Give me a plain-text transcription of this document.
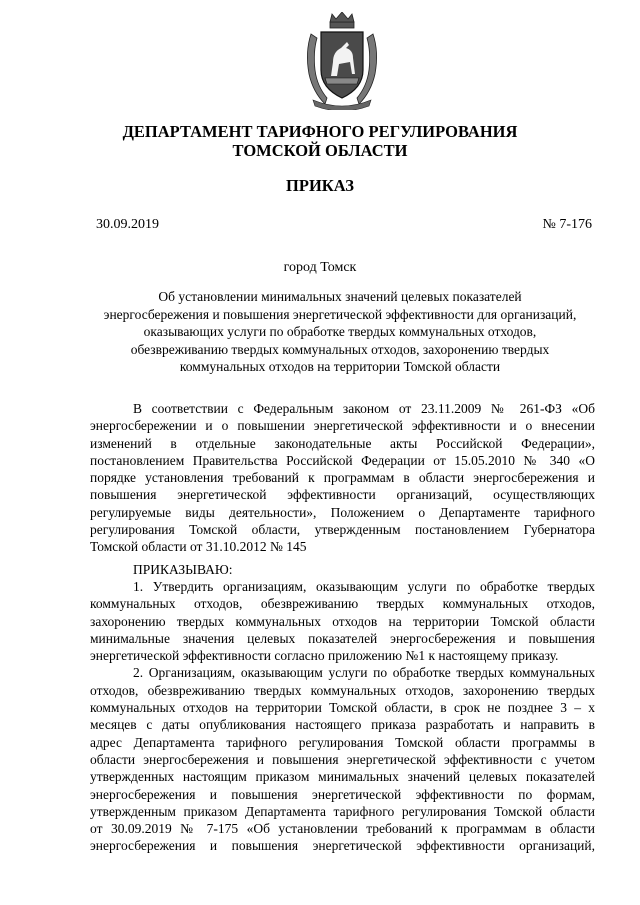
ДЕПАРТАМЕНТ ТАРИФНОГО РЕГУЛИРОВАНИЯ
ТОМСКОЙ ОБЛАСТИ
ПРИКАЗ
30.09.2019	№ 7-176
город Томск
Об установлении минимальных значений целевых показателей
энергосбережения и повышения энергетической эффективности для организаций,
оказывающих услуги по обработке твердых коммунальных отходов,
обезвреживанию твердых коммунальных отходов, захоронению твердых
коммунальных отходов на территории Томской области
В соответствии с Федеральным законом от 23.11.2009 № 261-ФЗ «Об
энергосбережении и о повышении энергетической эффективности и о внесении
изменений в отдельные законодательные акты Российской Федерации»,
постановлением Правительства Российской Федерации от 15.05.2010 № 340 «О
порядке установления требований к программам в области энергосбережения и
повышения энергетической эффективности организаций, осуществляющих
регулируемые виды деятельности», Положением о Департаменте тарифного
регулирования Томской области, утвержденным постановлением Губернатора
Томской области от 31.10.2012 № 145
ПРИКАЗЫВАЮ:
1. Утвердить организациям, оказывающим услуги по обработке твердых
коммунальных отходов, обезвреживанию твердых коммунальных отходов,
захоронению твердых коммунальных отходов на территории Томской области
минимальные значения целевых показателей энергосбережения и повышения
энергетической эффективности согласно приложению №1 к настоящему приказу.
2. Организациям, оказывающим услуги по обработке твердых коммунальных
отходов, обезвреживанию твердых коммунальных отходов, захоронению твердых
коммунальных отходов на территории Томской области, в срок не позднее 3 – х
месяцев с даты опубликования настоящего приказа разработать и направить в
адрес Департамента тарифного регулирования Томской области программы в
области энергосбережения и повышения энергетической эффективности с учетом
утвержденных настоящим приказом минимальных значений целевых показателей
энергосбережения и повышения энергетической эффективности по формам,
утвержденным приказом Департамента тарифного регулирования Томской области
от 30.09.2019 № 7-175 «Об установлении требований к программам в области
энергосбережения и повышения энергетической эффективности организаций,
